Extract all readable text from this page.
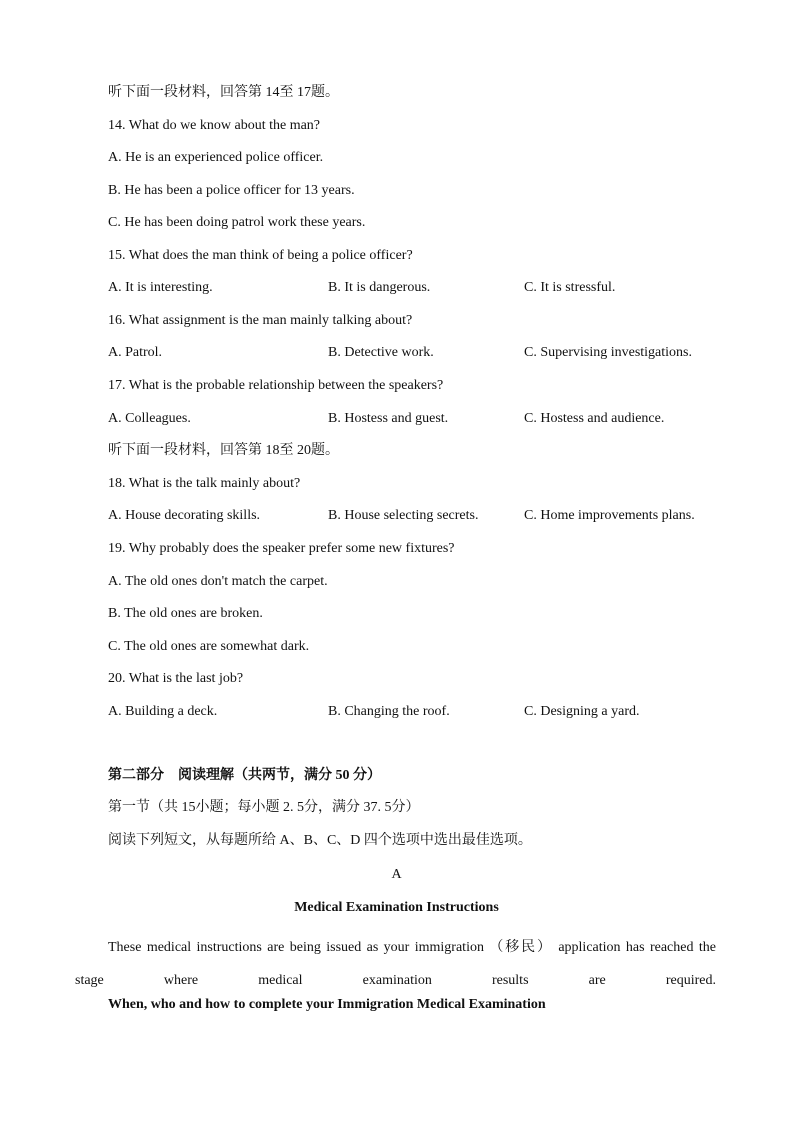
听下面一段材料，回答第 14至 17题。
14. What do we know about the man?
A. He is an experienced police officer.
B. He has been a police officer for 13 years.
C. He has been doing patrol work these years.
15. What does the man think of being a police officer?
A. It is interesting.	B. It is dangerous.	C. It is stressful.
16. What assignment is the man mainly talking about?
A. Patrol.	B. Detective work.	C. Supervising investigations.
17. What is the probable relationship between the speakers?
A. Colleagues.	B. Hostess and guest.	C. Hostess and audience.
听下面一段材料，回答第 18至 20题。
18. What is the talk mainly about?
A. House decorating skills.	B. House selecting secrets.	C. Home improvements plans.
19. Why probably does the speaker prefer some new fixtures?
A. The old ones don't match the carpet.
B. The old ones are broken.
C. The old ones are somewhat dark.
20. What is the last job?
A. Building a deck.	B. Changing the roof.	C. Designing a yard.
第二部分　阅读理解（共两节，满分 50 分）
第一节（共 15小题；每小题 2. 5分，满分 37. 5分）
阅读下列短文，从每题所给 A、B、C、D 四个选项中选出最佳选项。
A
Medical Examination Instructions
These medical instructions are being issued as your immigration （移民） application has reached the stage where medical examination results are required.
When, who and how to complete your Immigration Medical Examination
